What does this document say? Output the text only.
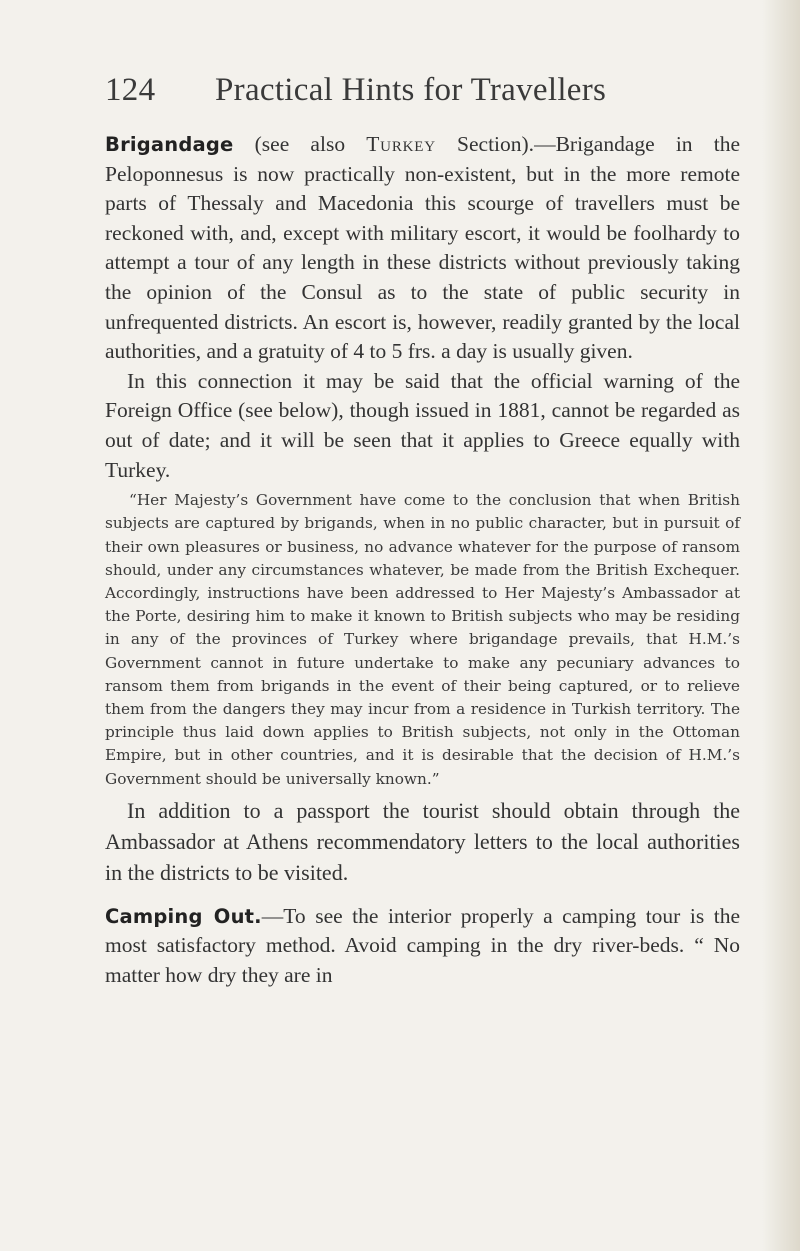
124 Practical Hints for Travellers

Brigandage (see also Turkey Section).—Brigandage in the Peloponnesus is now practically non-existent, but in the more remote parts of Thessaly and Macedonia this scourge of travellers must be reckoned with, and, except with military escort, it would be foolhardy to attempt a tour of any length in these districts without previously taking the opinion of the Consul as to the state of public security in unfrequented districts. An escort is, however, readily granted by the local authorities, and a gratuity of 4 to 5 frs. a day is usually given.

In this connection it may be said that the official warning of the Foreign Office (see below), though issued in 1881, cannot be regarded as out of date; and it will be seen that it applies to Greece equally with Turkey.

“Her Majesty’s Government have come to the conclusion that when British subjects are captured by brigands, when in no public character, but in pursuit of their own pleasures or business, no advance whatever for the purpose of ransom should, under any circumstances whatever, be made from the British Exchequer. Accordingly, instructions have been addressed to Her Majesty’s Ambassador at the Porte, desiring him to make it known to British subjects who may be residing in any of the provinces of Turkey where brigandage prevails, that H.M.’s Government cannot in future undertake to make any pecuniary advances to ransom them from brigands in the event of their being captured, or to relieve them from the dangers they may incur from a residence in Turkish territory. The principle thus laid down applies to British subjects, not only in the Ottoman Empire, but in other countries, and it is desirable that the decision of H.M.’s Government should be universally known.”

In addition to a passport the tourist should obtain through the Ambassador at Athens recommendatory letters to the local authorities in the districts to be visited.

Camping Out.—To see the interior properly a camping tour is the most satisfactory method. Avoid camping in the dry river-beds. “ No matter how dry they are in
